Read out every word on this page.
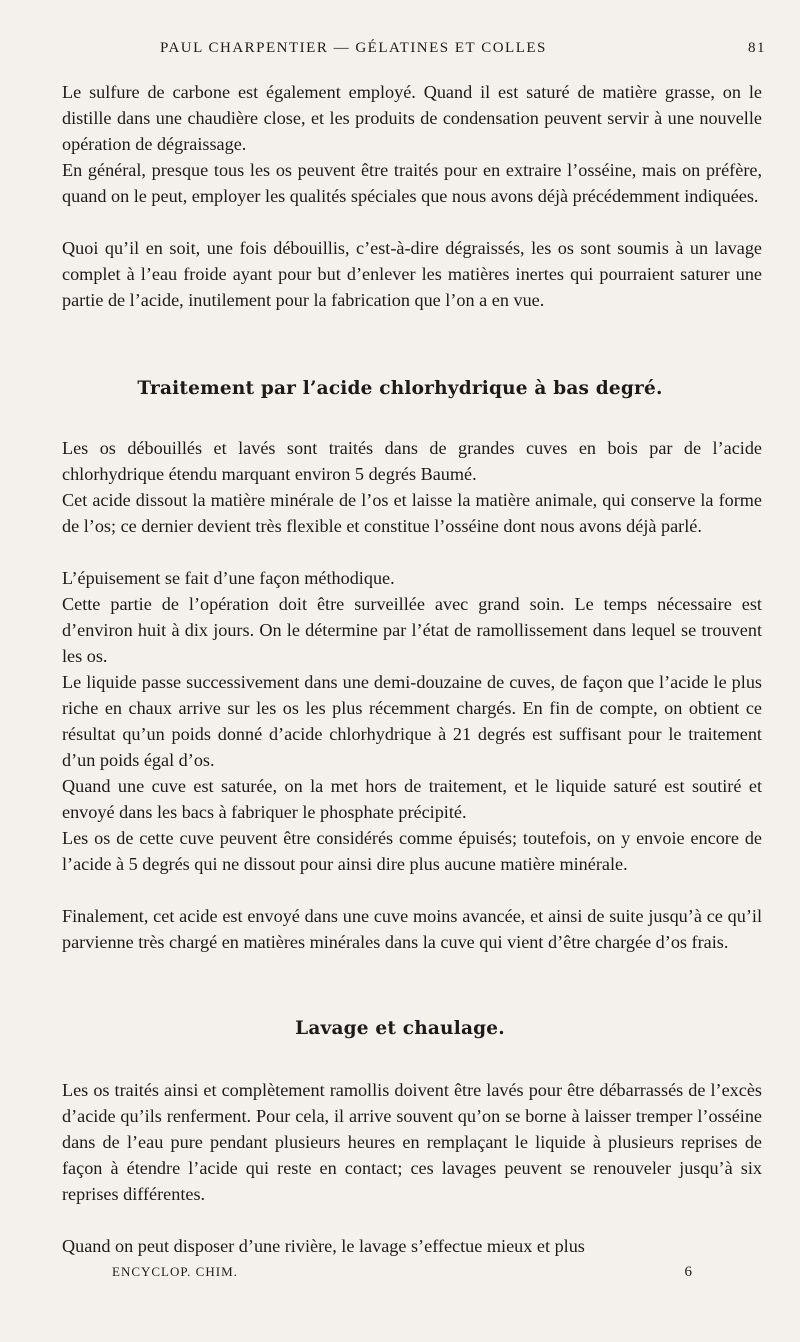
PAUL CHARPENTIER — GÉLATINES ET COLLES	81

Le sulfure de carbone est également employé. Quand il est saturé de matière grasse, on le distille dans une chaudière close, et les produits de condensation peuvent servir à une nouvelle opération de dégraissage.

En général, presque tous les os peuvent être traités pour en extraire l’osséine, mais on préfère, quand on le peut, employer les qualités spéciales que nous avons déjà précédemment indiquées.

Quoi qu’il en soit, une fois débouillis, c’est-à-dire dégraissés, les os sont soumis à un lavage complet à l’eau froide ayant pour but d’enlever les matières inertes qui pourraient saturer une partie de l’acide, inutilement pour la fabrication que l’on a en vue.

Traitement par l’acide chlorhydrique à bas degré.

Les os débouillés et lavés sont traités dans de grandes cuves en bois par de l’acide chlorhydrique étendu marquant environ 5 degrés Baumé.

Cet acide dissout la matière minérale de l’os et laisse la matière animale, qui conserve la forme de l’os; ce dernier devient très flexible et constitue l’osséine dont nous avons déjà parlé.

L’épuisement se fait d’une façon méthodique.

Cette partie de l’opération doit être surveillée avec grand soin. Le temps nécessaire est d’environ huit à dix jours. On le détermine par l’état de ramollissement dans lequel se trouvent les os.

Le liquide passe successivement dans une demi-douzaine de cuves, de façon que l’acide le plus riche en chaux arrive sur les os les plus récemment chargés. En fin de compte, on obtient ce résultat qu’un poids donné d’acide chlorhydrique à 21 degrés est suffisant pour le traitement d’un poids égal d’os.

Quand une cuve est saturée, on la met hors de traitement, et le liquide saturé est soutiré et envoyé dans les bacs à fabriquer le phosphate précipité.

Les os de cette cuve peuvent être considérés comme épuisés; toutefois, on y envoie encore de l’acide à 5 degrés qui ne dissout pour ainsi dire plus aucune matière minérale.

Finalement, cet acide est envoyé dans une cuve moins avancée, et ainsi de suite jusqu’à ce qu’il parvienne très chargé en matières minérales dans la cuve qui vient d’être chargée d’os frais.

Lavage et chaulage.

Les os traités ainsi et complètement ramollis doivent être lavés pour être débarrassés de l’excès d’acide qu’ils renferment. Pour cela, il arrive souvent qu’on se borne à laisser tremper l’osséine dans de l’eau pure pendant plusieurs heures en remplaçant le liquide à plusieurs reprises de façon à étendre l’acide qui reste en contact; ces lavages peuvent se renouveler jusqu’à six reprises différentes.

Quand on peut disposer d’une rivière, le lavage s’effectue mieux et plus

ENCYCLOP. CHIM.	6
